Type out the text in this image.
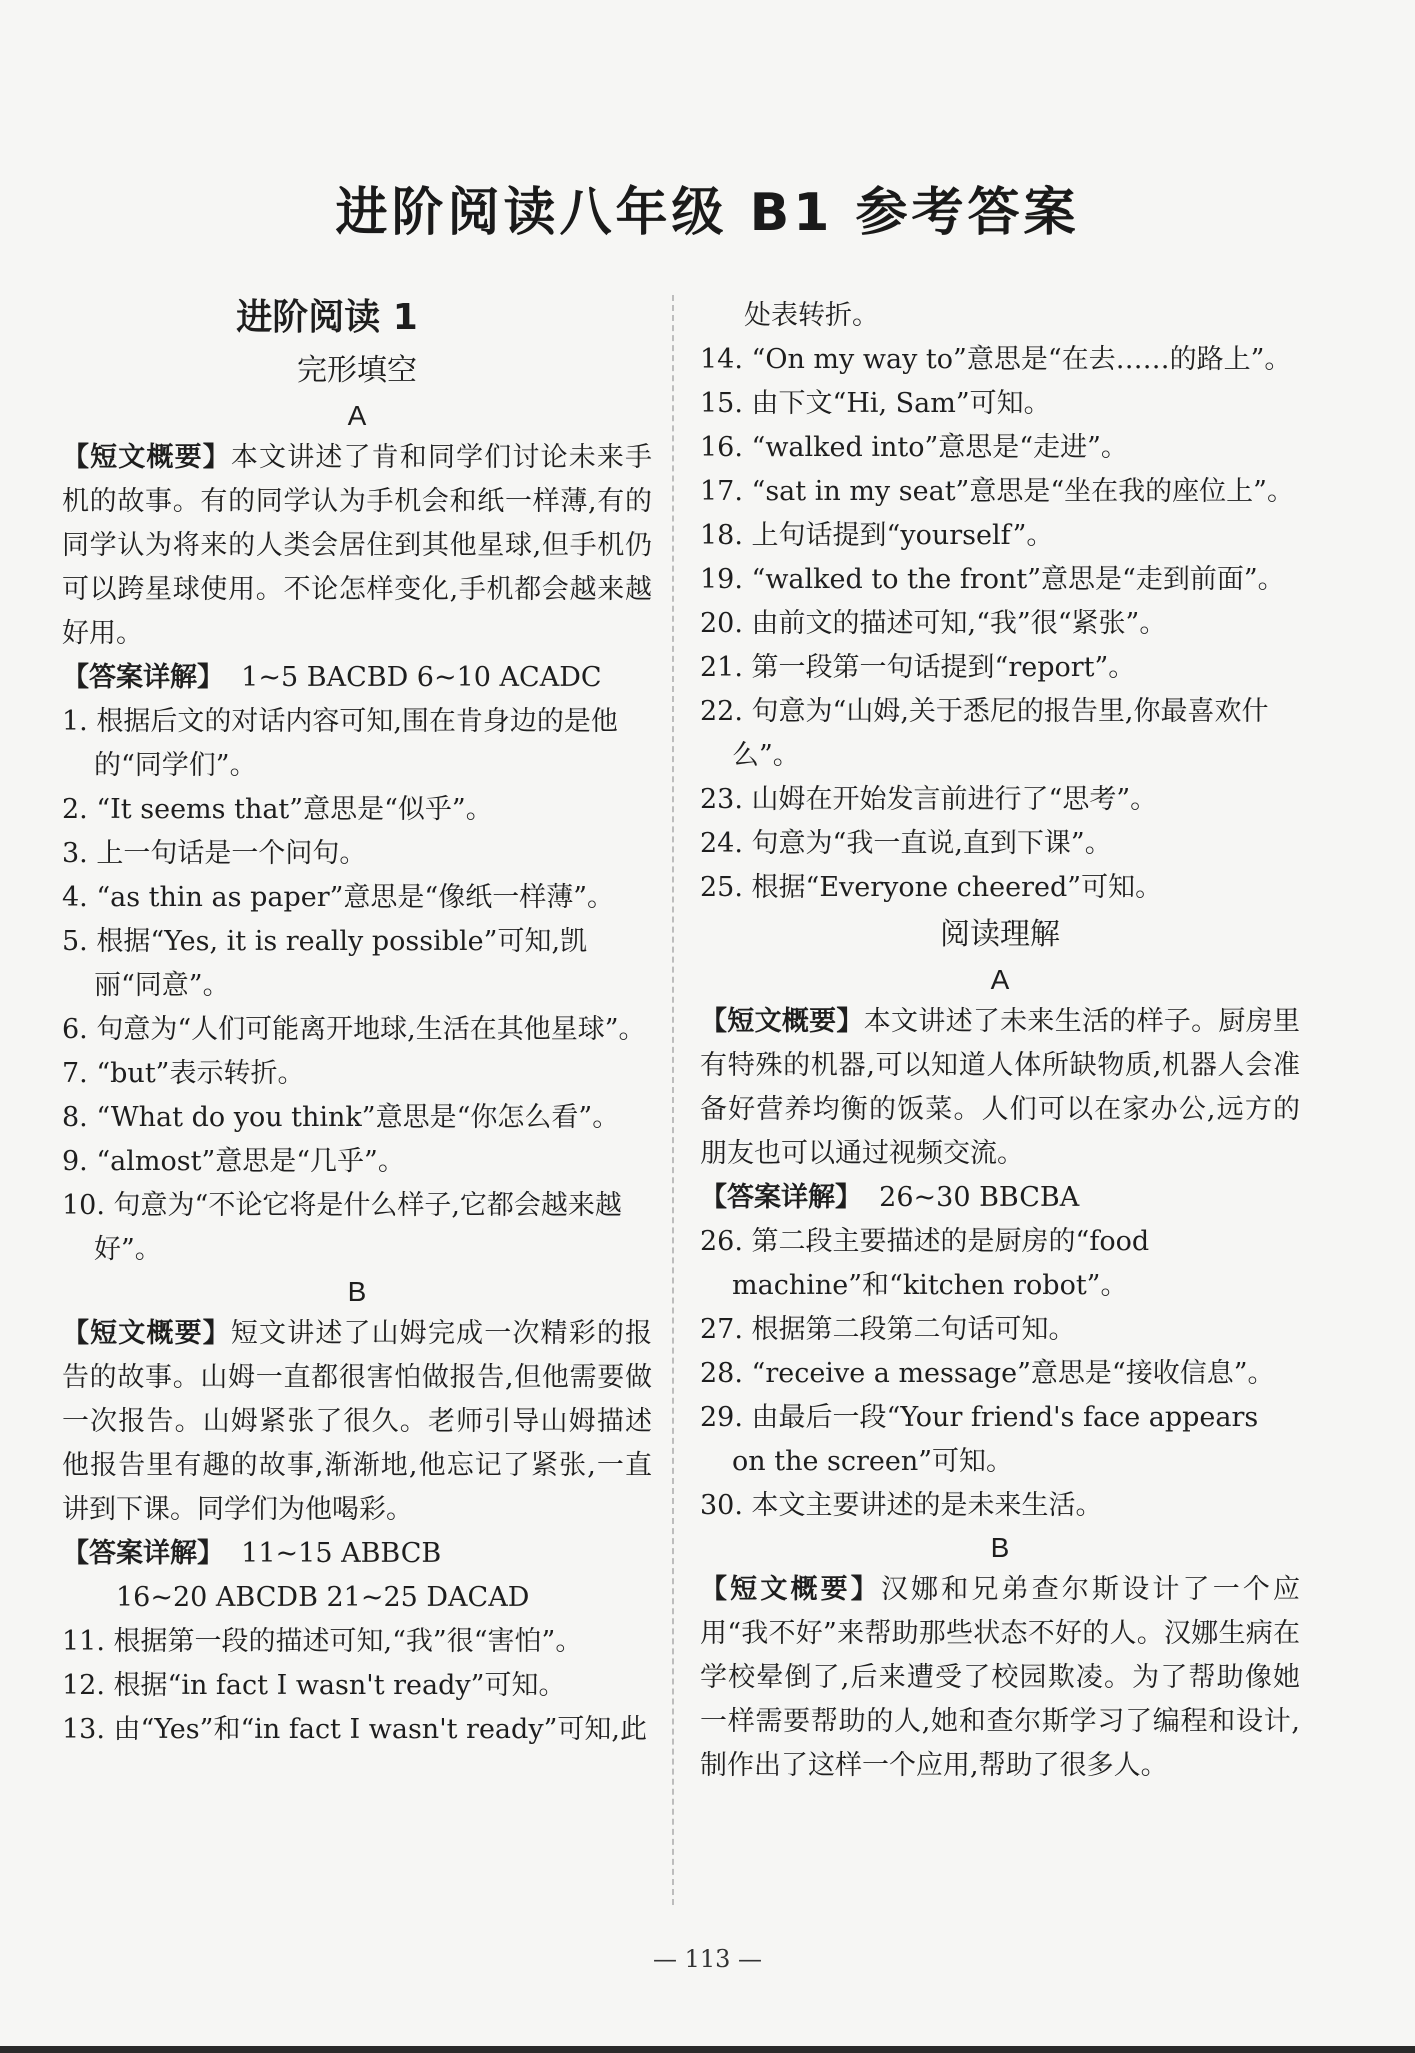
进阶阅读八年级 B1 参考答案
进阶阅读 1
完形填空
A
【短文概要】本文讲述了肯和同学们讨论未来手机的故事。有的同学认为手机会和纸一样薄,有的同学认为将来的人类会居住到其他星球,但手机仍可以跨星球使用。不论怎样变化,手机都会越来越好用。
【答案详解】 1~5 BACBD 6~10 ACADC
1. 根据后文的对话内容可知,围在肯身边的是他的“同学们”。
2. “It seems that”意思是“似乎”。
3. 上一句话是一个问句。
4. “as thin as paper”意思是“像纸一样薄”。
5. 根据“Yes, it is really possible”可知,凯丽“同意”。
6. 句意为“人们可能离开地球,生活在其他星球”。
7. “but”表示转折。
8. “What do you think”意思是“你怎么看”。
9. “almost”意思是“几乎”。
10. 句意为“不论它将是什么样子,它都会越来越好”。
B
【短文概要】短文讲述了山姆完成一次精彩的报告的故事。山姆一直都很害怕做报告,但他需要做一次报告。山姆紧张了很久。老师引导山姆描述他报告里有趣的故事,渐渐地,他忘记了紧张,一直讲到下课。同学们为他喝彩。
【答案详解】 11~15 ABBCB
16~20 ABCDB 21~25 DACAD
11. 根据第一段的描述可知,“我”很“害怕”。
12. 根据“in fact I wasn't ready”可知。
13. 由“Yes”和“in fact I wasn't ready”可知,此
处表转折。
14. “On my way to”意思是“在去……的路上”。
15. 由下文“Hi, Sam”可知。
16. “walked into”意思是“走进”。
17. “sat in my seat”意思是“坐在我的座位上”。
18. 上句话提到“yourself”。
19. “walked to the front”意思是“走到前面”。
20. 由前文的描述可知,“我”很“紧张”。
21. 第一段第一句话提到“report”。
22. 句意为“山姆,关于悉尼的报告里,你最喜欢什么”。
23. 山姆在开始发言前进行了“思考”。
24. 句意为“我一直说,直到下课”。
25. 根据“Everyone cheered”可知。
阅读理解
A
【短文概要】本文讲述了未来生活的样子。厨房里有特殊的机器,可以知道人体所缺物质,机器人会准备好营养均衡的饭菜。人们可以在家办公,远方的朋友也可以通过视频交流。
【答案详解】 26~30 BBCBA
26. 第二段主要描述的是厨房的“food machine”和“kitchen robot”。
27. 根据第二段第二句话可知。
28. “receive a message”意思是“接收信息”。
29. 由最后一段“Your friend's face appears on the screen”可知。
30. 本文主要讲述的是未来生活。
B
【短文概要】汉娜和兄弟查尔斯设计了一个应用“我不好”来帮助那些状态不好的人。汉娜生病在学校晕倒了,后来遭受了校园欺凌。为了帮助像她一样需要帮助的人,她和查尔斯学习了编程和设计,制作出了这样一个应用,帮助了很多人。
— 113 —
